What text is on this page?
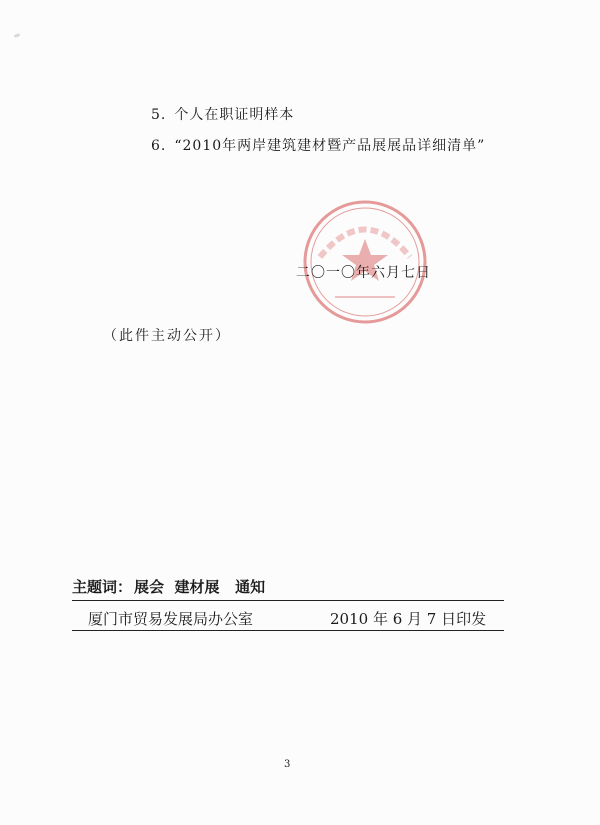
5. 个人在职证明样本
6. “2010年两岸建筑建材暨产品展展品详细清单”
二〇一〇年六月七日
（此件主动公开）
主题词： 展会  建材展   通知
厦门市贸易发展局办公室	2010 年 6 月 7 日印发
3
